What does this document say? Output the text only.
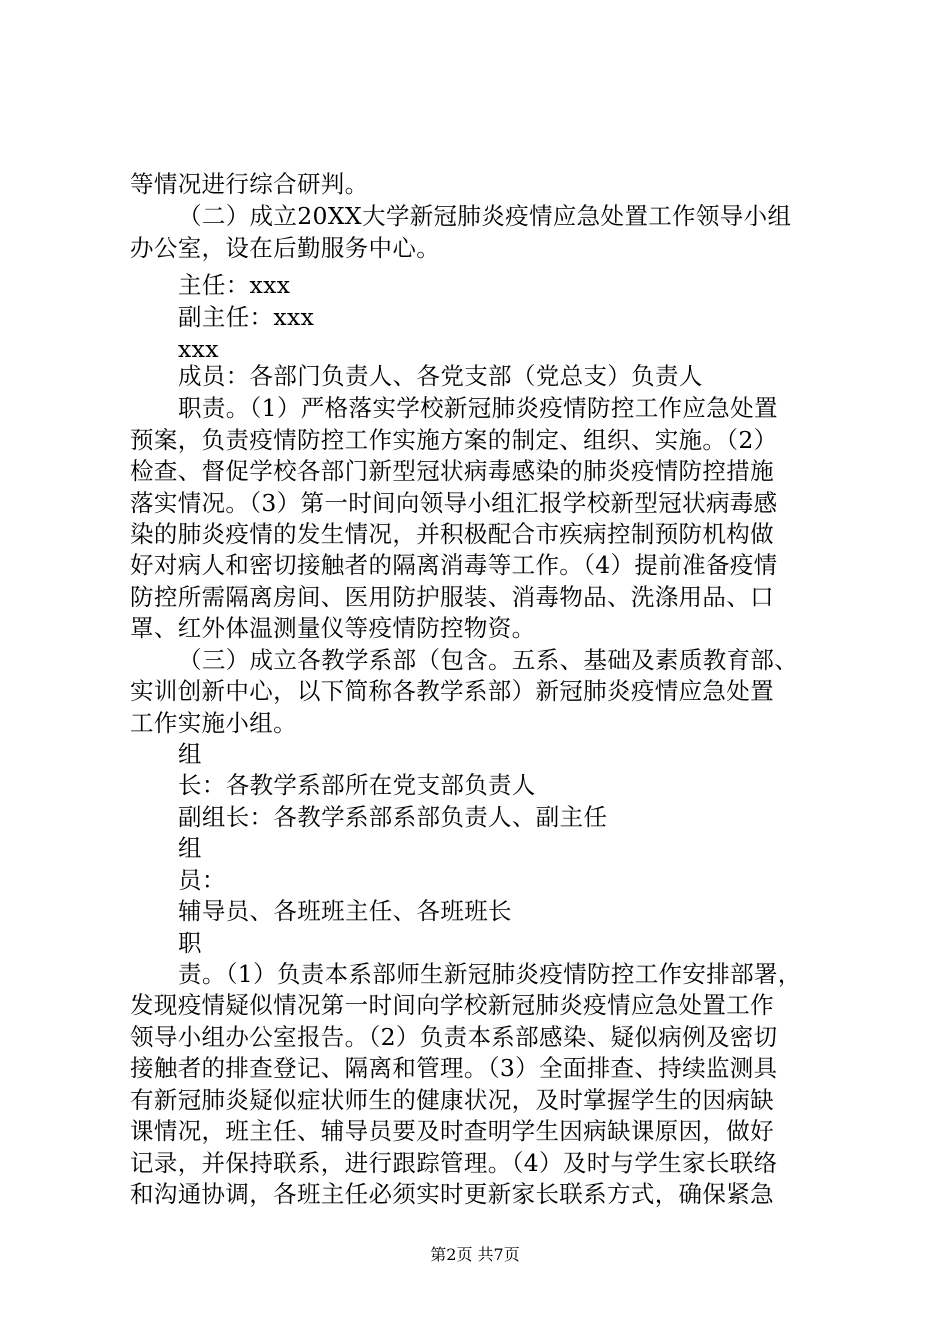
等情况进行综合研判。
（二）成立20XX大学新冠肺炎疫情应急处置工作领导小组
办公室，设在后勤服务中心。
主任：xxx
副主任：xxx
xxx
成员：各部门负责人、各党支部（党总支）负责人
职责。（1）严格落实学校新冠肺炎疫情防控工作应急处置
预案，负责疫情防控工作实施方案的制定、组织、实施。（2）
检查、督促学校各部门新型冠状病毒感染的肺炎疫情防控措施
落实情况。（3）第一时间向领导小组汇报学校新型冠状病毒感
染的肺炎疫情的发生情况，并积极配合市疾病控制预防机构做
好对病人和密切接触者的隔离消毒等工作。（4）提前准备疫情
防控所需隔离房间、医用防护服装、消毒物品、洗涤用品、口
罩、红外体温测量仪等疫情防控物资。
（三）成立各教学系部（包含。五系、基础及素质教育部、
实训创新中心，以下简称各教学系部）新冠肺炎疫情应急处置
工作实施小组。
组
长：各教学系部所在党支部负责人
副组长：各教学系部系部负责人、副主任
组
员：
辅导员、各班班主任、各班班长
职
责。（1）负责本系部师生新冠肺炎疫情防控工作安排部署，
发现疫情疑似情况第一时间向学校新冠肺炎疫情应急处置工作
领导小组办公室报告。（2）负责本系部感染、疑似病例及密切
接触者的排查登记、隔离和管理。（3）全面排查、持续监测具
有新冠肺炎疑似症状师生的健康状况，及时掌握学生的因病缺
课情况，班主任、辅导员要及时查明学生因病缺课原因，做好
记录，并保持联系，进行跟踪管理。（4）及时与学生家长联络
和沟通协调，各班主任必须实时更新家长联系方式，确保紧急
第2页 共7页
